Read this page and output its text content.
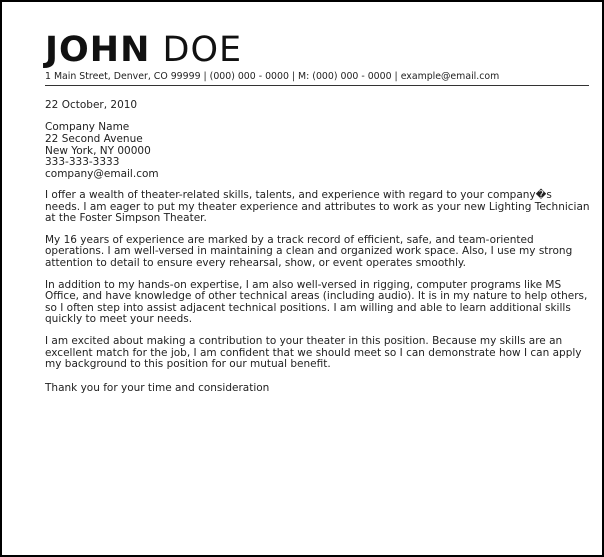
JOHN DOE
1 Main Street, Denver, CO 99999 | (000) 000 - 0000 | M: (000) 000 - 0000 | example@email.com
22 October, 2010
Company Name
22 Second Avenue
New York, NY 00000
333-333-3333
company@email.com

I offer a wealth of theater-related skills, talents, and experience with regard to your company�s needs. I am eager to put my theater experience and attributes to work as your new Lighting Technician at the Foster Simpson Theater.

My 16 years of experience are marked by a track record of efficient, safe, and team-oriented operations. I am well-versed in maintaining a clean and organized work space. Also, I use my strong attention to detail to ensure every rehearsal, show, or event operates smoothly.

In addition to my hands-on expertise, I am also well-versed in rigging, computer programs like MS Office, and have knowledge of other technical areas (including audio). It is in my nature to help others, so I often step into assist adjacent technical positions. I am willing and able to learn additional skills quickly to meet your needs.

I am excited about making a contribution to your theater in this position. Because my skills are an excellent match for the job, I am confident that we should meet so I can demonstrate how I can apply my background to this position for our mutual benefit.

Thank you for your time and consideration
